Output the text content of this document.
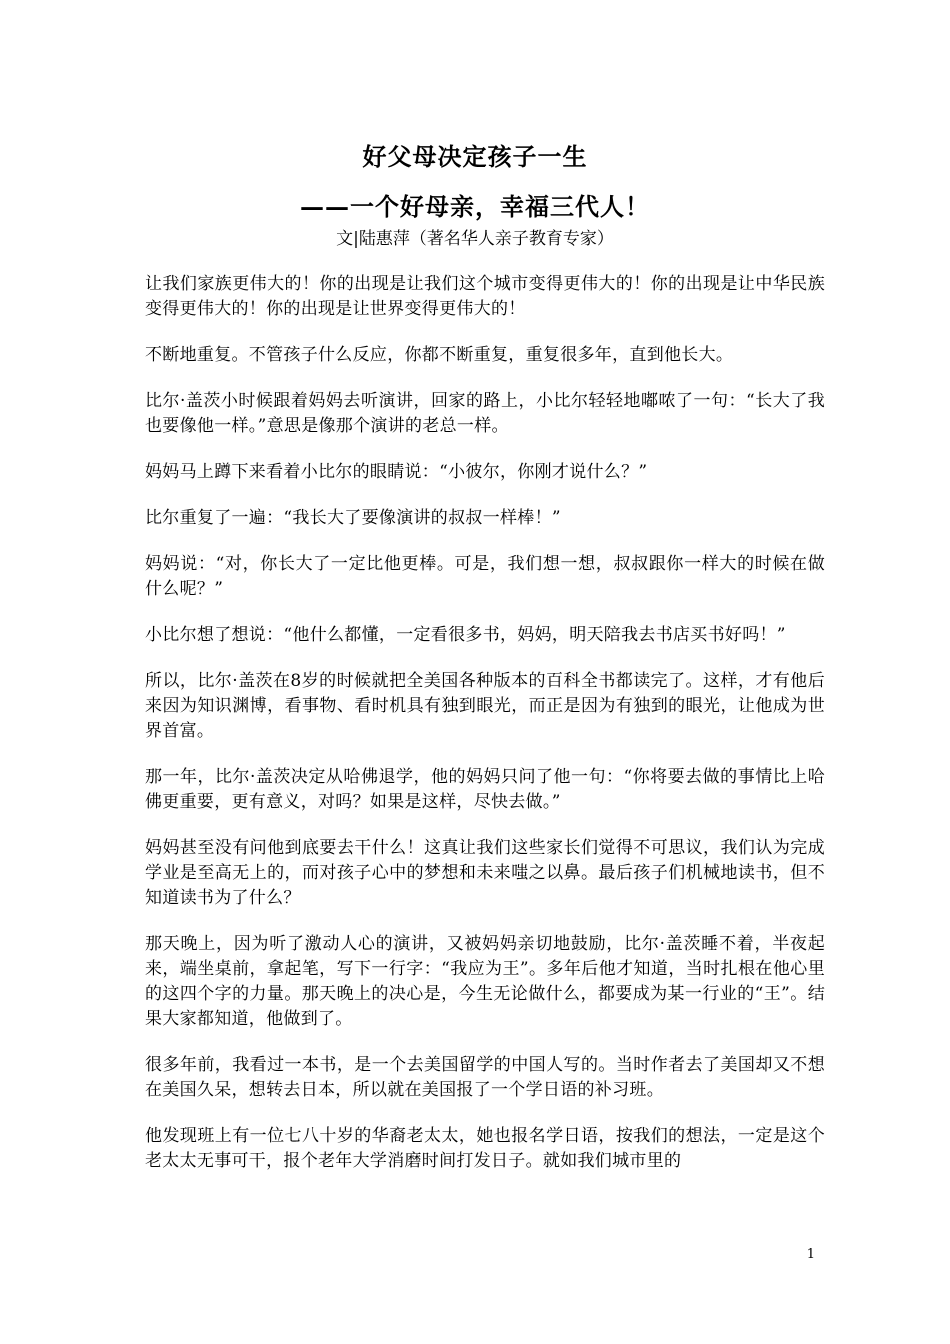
好父母决定孩子一生
——一个好母亲，幸福三代人！

文|陆惠萍（著名华人亲子教育专家）

让我们家族更伟大的！你的出现是让我们这个城市变得更伟大的！你的出现是让中华民族变得更伟大的！你的出现是让世界变得更伟大的！

不断地重复。不管孩子什么反应，你都不断重复，重复很多年，直到他长大。

比尔·盖茨小时候跟着妈妈去听演讲，回家的路上，小比尔轻轻地嘟哝了一句：“长大了我也要像他一样。”意思是像那个演讲的老总一样。

妈妈马上蹲下来看着小比尔的眼睛说：“小彼尔，你刚才说什么？”

比尔重复了一遍：“我长大了要像演讲的叔叔一样棒！”

妈妈说：“对，你长大了一定比他更棒。可是，我们想一想，叔叔跟你一样大的时候在做什么呢？”

小比尔想了想说：“他什么都懂，一定看很多书，妈妈，明天陪我去书店买书好吗！”

所以，比尔·盖茨在8岁的时候就把全美国各种版本的百科全书都读完了。这样，才有他后来因为知识渊博，看事物、看时机具有独到眼光，而正是因为有独到的眼光，让他成为世界首富。

那一年，比尔·盖茨决定从哈佛退学，他的妈妈只问了他一句：“你将要去做的事情比上哈佛更重要，更有意义，对吗？如果是这样，尽快去做。”

妈妈甚至没有问他到底要去干什么！这真让我们这些家长们觉得不可思议，我们认为完成学业是至高无上的，而对孩子心中的梦想和未来嗤之以鼻。最后孩子们机械地读书，但不知道读书为了什么？

那天晚上，因为听了激动人心的演讲，又被妈妈亲切地鼓励，比尔·盖茨睡不着，半夜起来，端坐桌前，拿起笔，写下一行字：“我应为王”。多年后他才知道，当时扎根在他心里的这四个字的力量。那天晚上的决心是，今生无论做什么，都要成为某一行业的“王”。结果大家都知道，他做到了。

很多年前，我看过一本书，是一个去美国留学的中国人写的。当时作者去了美国却又不想在美国久呆，想转去日本，所以就在美国报了一个学日语的补习班。

他发现班上有一位七八十岁的华裔老太太，她也报名学日语，按我们的想法，一定是这个老太太无事可干，报个老年大学消磨时间打发日子。就如我们城市里的

1
